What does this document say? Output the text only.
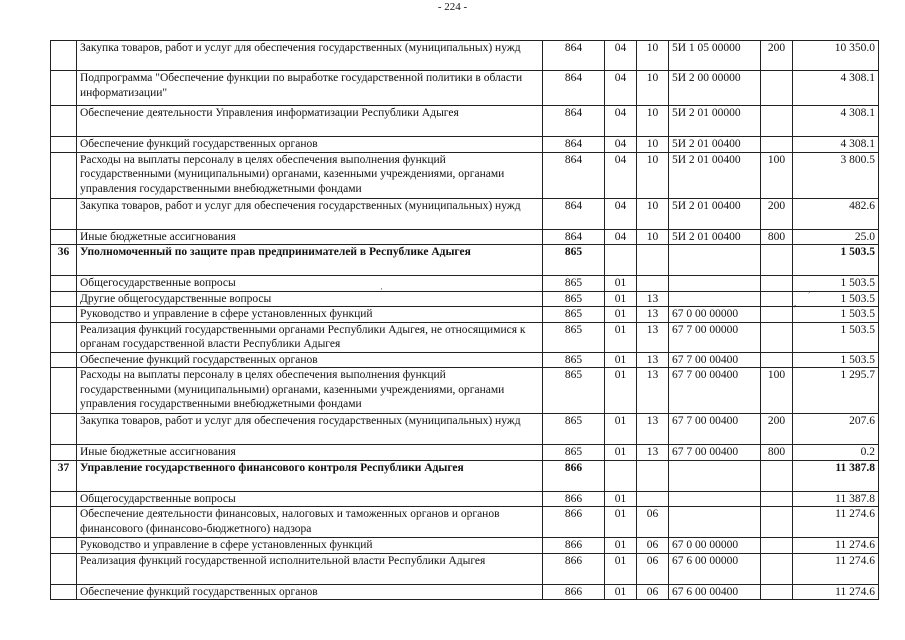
- 224 -
	Закупка товаров, работ и услуг для обеспечения государственных (муниципальных) нужд	864	04	10	5И 1 05 00000	200	10 350.0
	Подпрограмма "Обеспечение функции по выработке государственной политики в области информатизации"	864	04	10	5И 2 00 00000		4 308.1
	Обеспечение деятельности Управления информатизации Республики Адыгея	864	04	10	5И 2 01 00000		4 308.1
	Обеспечение функций государственных органов	864	04	10	5И 2 01 00400		4 308.1
	Расходы на выплаты персоналу в целях обеспечения выполнения функций государственными (муниципальными) органами, казенными учреждениями, органами управления государственными внебюджетными фондами	864	04	10	5И 2 01 00400	100	3 800.5
	Закупка товаров, работ и услуг для обеспечения государственных (муниципальных) нужд	864	04	10	5И 2 01 00400	200	482.6
	Иные бюджетные ассигнования	864	04	10	5И 2 01 00400	800	25.0
36	Уполномоченный по защите прав предпринимателей в Республике Адыгея	865					1 503.5
	Общегосударственные вопросы	865	01				1 503.5
	Другие общегосударственные вопросы	865	01	13			1 503.5
	Руководство и управление в сфере установленных функций	865	01	13	67 0 00 00000		1 503.5
	Реализация функций государственными органами Республики Адыгея, не относящимися к органам государственной власти Республики Адыгея	865	01	13	67 7 00 00000		1 503.5
	Обеспечение функций государственных органов	865	01	13	67 7 00 00400		1 503.5
	Расходы на выплаты персоналу в целях обеспечения выполнения функций государственными (муниципальными) органами, казенными учреждениями, органами управления государственными внебюджетными фондами	865	01	13	67 7 00 00400	100	1 295.7
	Закупка товаров, работ и услуг для обеспечения государственных (муниципальных) нужд	865	01	13	67 7 00 00400	200	207.6
	Иные бюджетные ассигнования	865	01	13	67 7 00 00400	800	0.2
37	Управление государственного финансового контроля Республики Адыгея	866					11 387.8
	Общегосударственные вопросы	866	01				11 387.8
	Обеспечение деятельности финансовых, налоговых и таможенных органов и органов финансового (финансово-бюджетного) надзора	866	01	06			11 274.6
	Руководство и управление в сфере установленных функций	866	01	06	67 0 00 00000		11 274.6
	Реализация функций государственной исполнительной власти Республики Адыгея	866	01	06	67 6 00 00000		11 274.6
	Обеспечение функций государственных органов	866	01	06	67 6 00 00400		11 274.6
·	,
,
